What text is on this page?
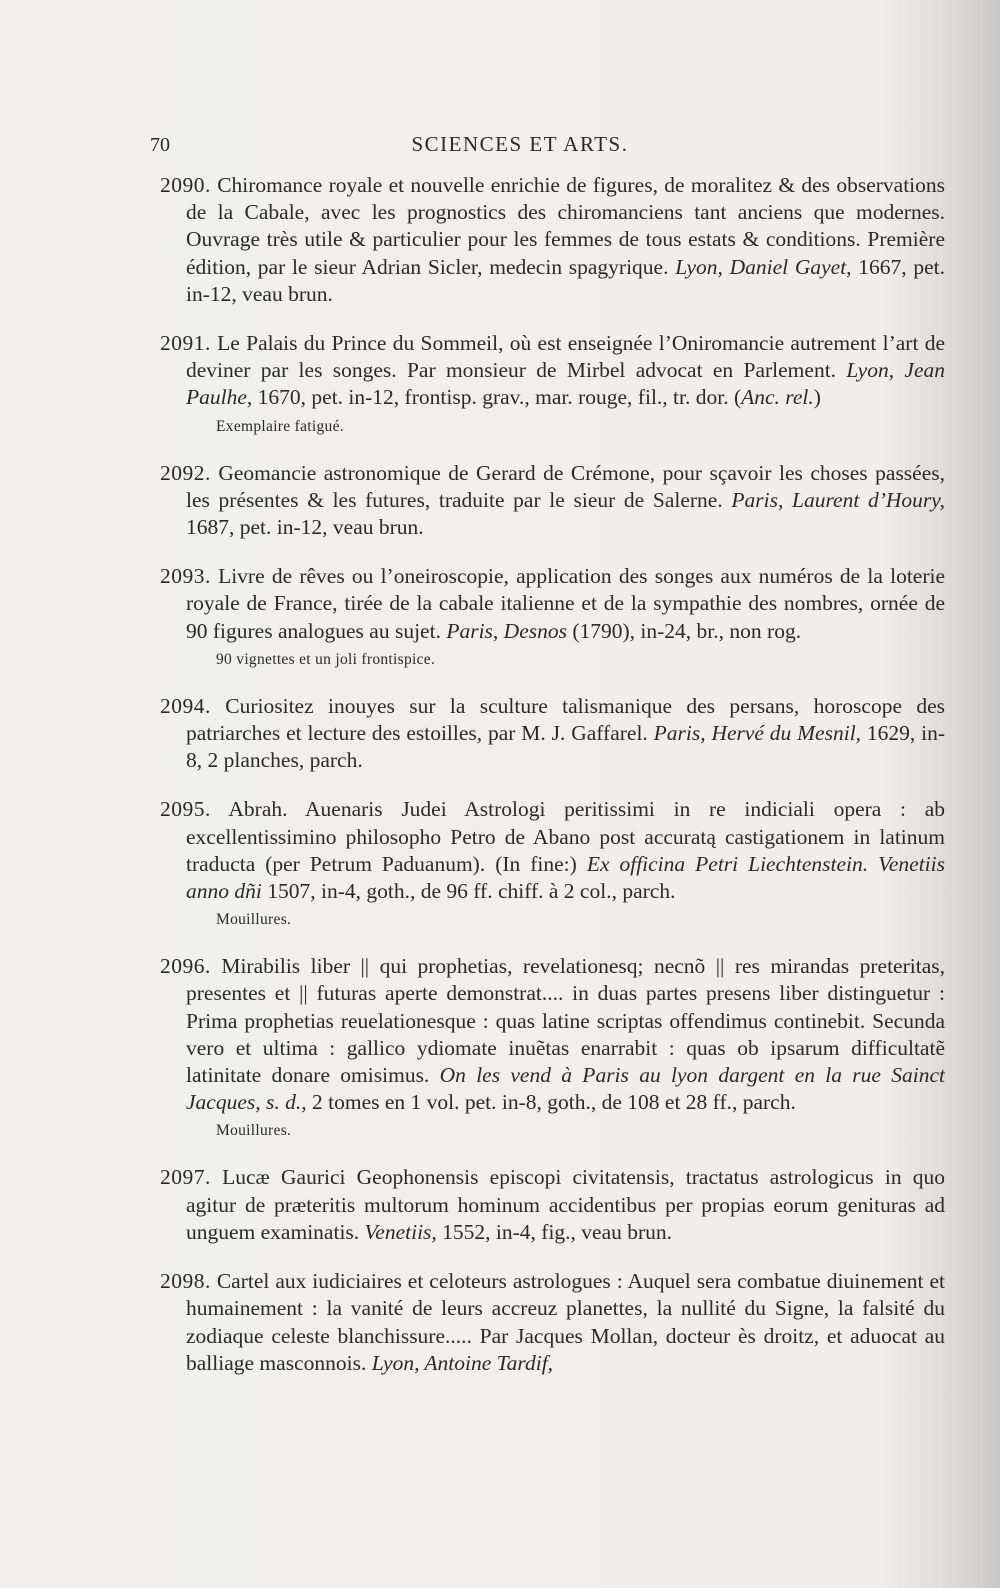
70	SCIENCES ET ARTS.
2090. Chiromance royale et nouvelle enrichie de figures, de moralitez & des observations de la Cabale, avec les prognostics des chiromanciens tant anciens que modernes. Ouvrage très utile & particulier pour les femmes de tous estats & conditions. Première édition, par le sieur Adrian Sicler, medecin spagyrique. Lyon, Daniel Gayet, 1667, pet. in-12, veau brun.
2091. Le Palais du Prince du Sommeil, où est enseignée l’Oniromancie autrement l’art de deviner par les songes. Par monsieur de Mirbel advocat en Parlement. Lyon, Jean Paulhe, 1670, pet. in-12, frontisp. grav., mar. rouge, fil., tr. dor. (Anc. rel.)
Exemplaire fatigué.
2092. Geomancie astronomique de Gerard de Crémone, pour sçavoir les choses passées, les présentes & les futures, traduite par le sieur de Salerne. Paris, Laurent d’Houry, 1687, pet. in-12, veau brun.
2093. Livre de rêves ou l’oneiroscopie, application des songes aux numéros de la loterie royale de France, tirée de la cabale italienne et de la sympathie des nombres, ornée de 90 figures analogues au sujet. Paris, Desnos (1790), in-24, br., non rog.
90 vignettes et un joli frontispice.
2094. Curiositez inouyes sur la sculture talismanique des persans, horoscope des patriarches et lecture des estoilles, par M. J. Gaffarel. Paris, Hervé du Mesnil, 1629, in-8, 2 planches, parch.
2095. Abrah. Auenaris Judei Astrologi peritissimi in re indiciali opera : ab excellentissimino philosopho Petro de Abano post accuratą castigationem in latinum traducta (per Petrum Paduanum). (In fine:) Ex officina Petri Liechtenstein. Venetiis anno dñi 1507, in-4, goth., de 96 ff. chiff. à 2 col., parch.
Mouillures.
2096. Mirabilis liber || qui prophetias, revelationesq; necnõ || res mirandas preteritas, presentes et || futuras aperte demonstrat.... in duas partes presens liber distinguetur : Prima prophetias reuelationesque : quas latine scriptas offendimus continebit. Secunda vero et ultima : gallico ydiomate inuẽtas enarrabit : quas ob ipsarum difficultatẽ latinitate donare omisimus. On les vend à Paris au lyon dargent en la rue Sainct Jacques, s. d., 2 tomes en 1 vol. pet. in-8, goth., de 108 et 28 ff., parch.
Mouillures.
2097. Lucæ Gaurici Geophonensis episcopi civitatensis, tractatus astrologicus in quo agitur de præteritis multorum hominum accidentibus per propias eorum genituras ad unguem examinatis. Venetiis, 1552, in-4, fig., veau brun.
2098. Cartel aux iudiciaires et celoteurs astrologues : Auquel sera combatue diuinement et humainement : la vanité de leurs accreuz planettes, la nullité du Signe, la falsité du zodiaque celeste blanchissure..... Par Jacques Mollan, docteur ès droitz, et aduocat au balliage masconnois. Lyon, Antoine Tardif,
